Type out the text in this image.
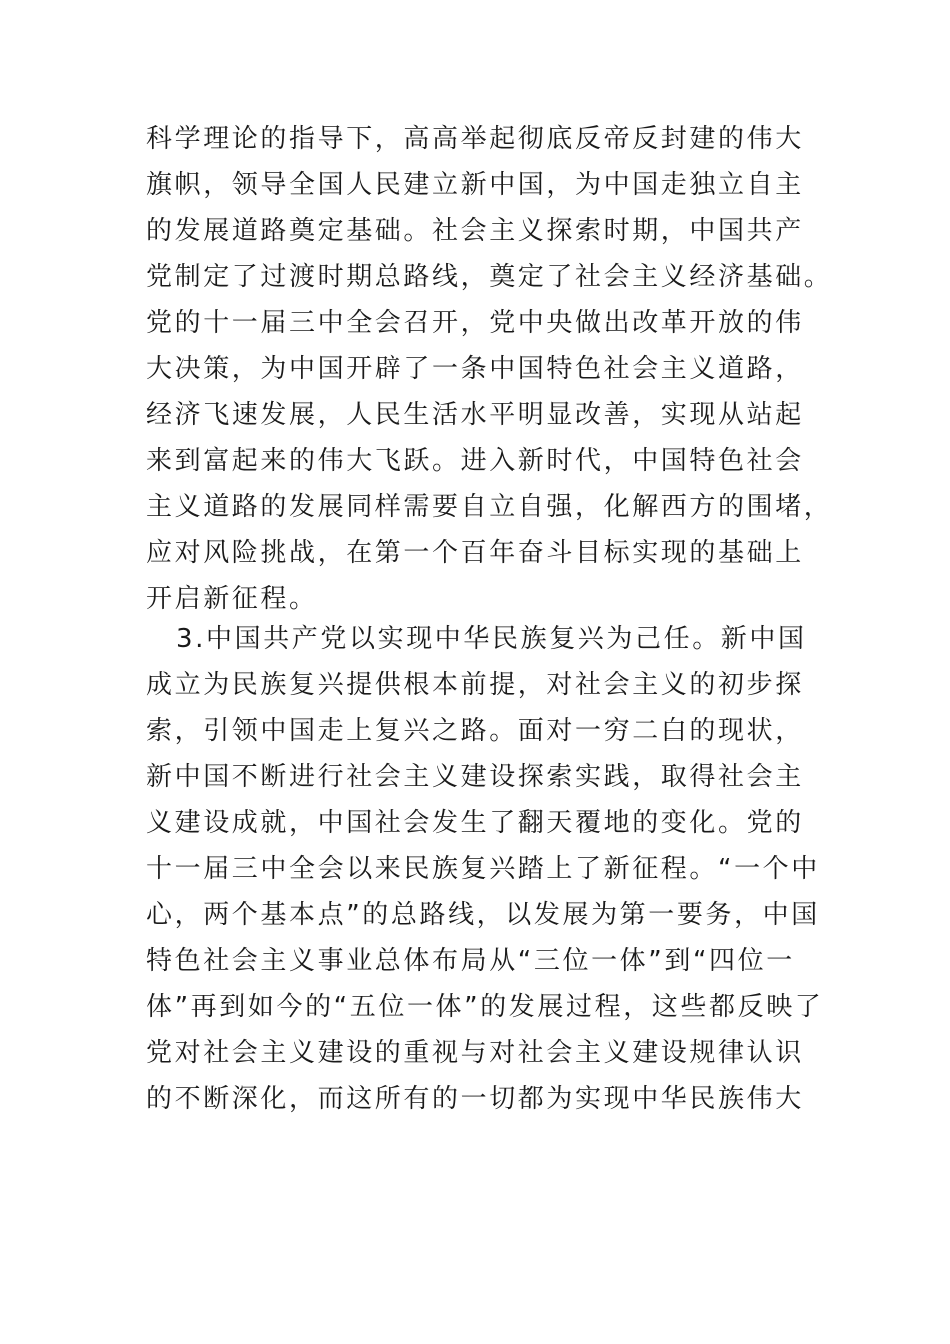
科学理论的指导下，高高举起彻底反帝反封建的伟大
旗帜，领导全国人民建立新中国，为中国走独立自主
的发展道路奠定基础。社会主义探索时期，中国共产
党制定了过渡时期总路线，奠定了社会主义经济基础。
党的十一届三中全会召开，党中央做出改革开放的伟
大决策，为中国开辟了一条中国特色社会主义道路，
经济飞速发展，人民生活水平明显改善，实现从站起
来到富起来的伟大飞跃。进入新时代，中国特色社会
主义道路的发展同样需要自立自强，化解西方的围堵，
应对风险挑战，在第一个百年奋斗目标实现的基础上
开启新征程。
3.中国共产党以实现中华民族复兴为己任。新中国
成立为民族复兴提供根本前提，对社会主义的初步探
索，引领中国走上复兴之路。面对一穷二白的现状，
新中国不断进行社会主义建设探索实践，取得社会主
义建设成就，中国社会发生了翻天覆地的变化。党的
十一届三中全会以来民族复兴踏上了新征程。“一个中
心，两个基本点”的总路线，以发展为第一要务，中国
特色社会主义事业总体布局从“三位一体”到“四位一
体”再到如今的“五位一体”的发展过程，这些都反映了
党对社会主义建设的重视与对社会主义建设规律认识
的不断深化，而这所有的一切都为实现中华民族伟大
